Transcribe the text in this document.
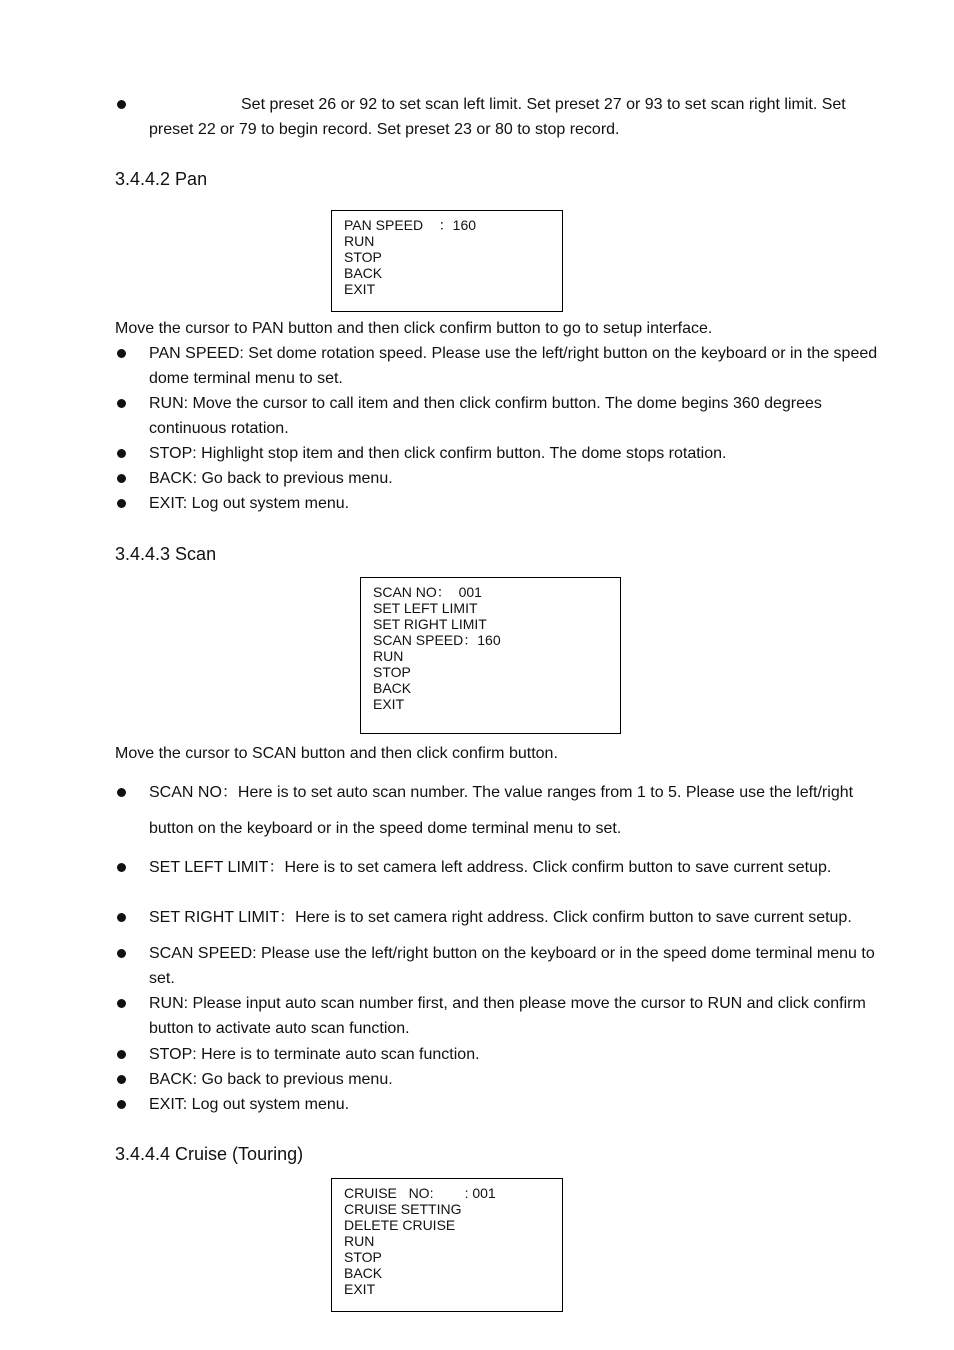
Set preset 26 or 92 to set scan left limit. Set preset 27 or 93 to set scan right limit. Set
preset 22 or 79 to begin record. Set preset 23 or 80 to stop record.
3.4.4.2 Pan
PAN SPEED    ：160
RUN
STOP
BACK
EXIT
Move the cursor to PAN button and then click confirm button to go to setup interface.
PAN SPEED: Set dome rotation speed. Please use the left/right button on the keyboard or in the speed
dome terminal menu to set.
RUN: Move the cursor to call item and then click confirm button. The dome begins 360 degrees
continuous rotation.
STOP: Highlight stop item and then click confirm button. The dome stops rotation.
BACK: Go back to previous menu.
EXIT: Log out system menu.
3.4.4.3 Scan
SCAN NO：  001
SET LEFT LIMIT
SET RIGHT LIMIT
SCAN SPEED：160
RUN
STOP
BACK
EXIT
Move the cursor to SCAN button and then click confirm button.
SCAN NO：Here is to set auto scan number. The value ranges from 1 to 5. Please use the left/right
button on the keyboard or in the speed dome terminal menu to set.
SET LEFT LIMIT：Here is to set camera left address. Click confirm button to save current setup.
SET RIGHT LIMIT：Here is to set camera right address. Click confirm button to save current setup.
SCAN SPEED: Please use the left/right button on the keyboard or in the speed dome terminal menu to
set.
RUN: Please input auto scan number first, and then please move the cursor to RUN and click confirm
button to activate auto scan function.
STOP: Here is to terminate auto scan function.
BACK: Go back to previous menu.
EXIT: Log out system menu.
3.4.4.4 Cruise (Touring)
CRUISE   NO:        : 001
CRUISE SETTING
DELETE CRUISE
RUN
STOP
BACK
EXIT
